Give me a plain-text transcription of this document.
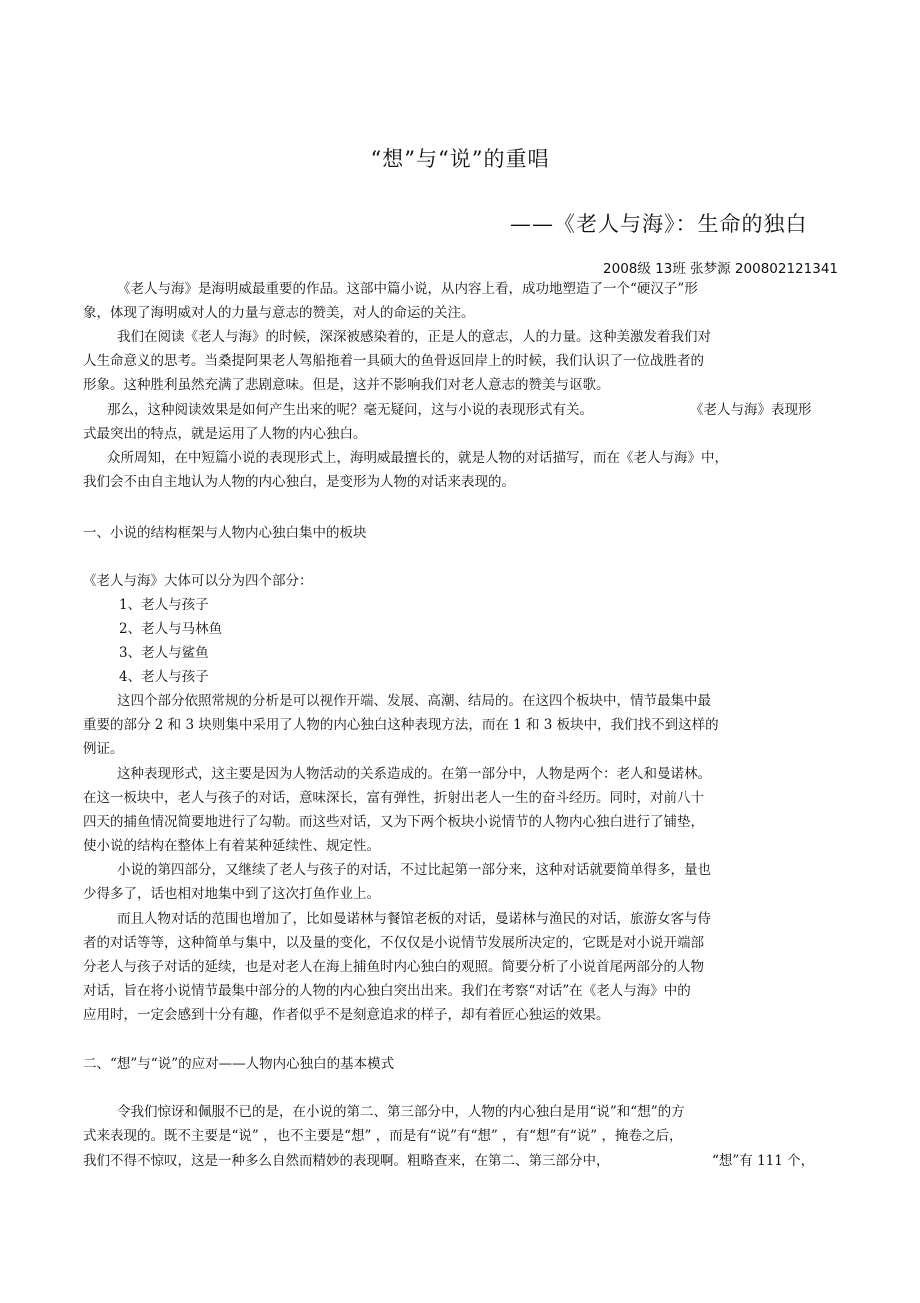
“想”与“说”的重唱
——《老人与海》：生命的独白
2008级 13班 张梦源 200802121341
《老人与海》是海明威最重要的作品。这部中篇小说，从内容上看，成功地塑造了一个“硬汉子”形
象，体现了海明威对人的力量与意志的赞美，对人的命运的关注。
我们在阅读《老人与海》的时候，深深被感染着的，正是人的意志，人的力量。这种美激发着我们对
人生命意义的思考。当桑提阿果老人驾船拖着一具硕大的鱼骨返回岸上的时候，我们认识了一位战胜者的
形象。这种胜利虽然充满了悲剧意味。但是，这并不影响我们对老人意志的赞美与讴歌。
那么，这种阅读效果是如何产生出来的呢？毫无疑问，这与小说的表现形式有关。	《老人与海》表现形
式最突出的特点，就是运用了人物的内心独白。
众所周知，在中短篇小说的表现形式上，海明威最擅长的，就是人物的对话描写，而在《老人与海》中，
我们会不由自主地认为人物的内心独白，是变形为人物的对话来表现的。
一、小说的结构框架与人物内心独白集中的板块
《老人与海》大体可以分为四个部分：
1、老人与孩子
2、老人与马林鱼
3、老人与鲨鱼
4、老人与孩子
这四个部分依照常规的分析是可以视作开端、发展、高潮、结局的。在这四个板块中，情节最集中最
重要的部分 2 和 3 块则集中采用了人物的内心独白这种表现方法，而在 1 和 3 板块中，我们找不到这样的
例证。
这种表现形式，这主要是因为人物活动的关系造成的。在第一部分中，人物是两个：老人和曼诺林。
在这一板块中，老人与孩子的对话，意味深长，富有弹性，折射出老人一生的奋斗经历。同时，对前八十
四天的捕鱼情况简要地进行了勾勒。而这些对话，又为下两个板块小说情节的人物内心独白进行了铺垫，
使小说的结构在整体上有着某种延续性、规定性。
小说的第四部分，又继续了老人与孩子的对话，不过比起第一部分来，这种对话就要简单得多，量也
少得多了，话也相对地集中到了这次打鱼作业上。
而且人物对话的范围也增加了，比如曼诺林与餐馆老板的对话，曼诺林与渔民的对话，旅游女客与侍
者的对话等等，这种简单与集中，以及量的变化，不仅仅是小说情节发展所决定的，它既是对小说开端部
分老人与孩子对话的延续，也是对老人在海上捕鱼时内心独白的观照。简要分析了小说首尾两部分的人物
对话，旨在将小说情节最集中部分的人物的内心独白突出出来。我们在考察“对话”在《老人与海》中的
应用时，一定会感到十分有趣，作者似乎不是刻意追求的样子，却有着匠心独运的效果。
二、“想”与“说”的应对——人物内心独白的基本模式
令我们惊讶和佩服不已的是，在小说的第二、第三部分中，人物的内心独白是用“说”和“想”的方
式来表现的。既不主要是“说” ，也不主要是“想” ，而是有“说”有“想” ，有“想”有“说” ，掩卷之后，
我们不得不惊叹，这是一种多么自然而精妙的表现啊。粗略查来，在第二、第三部分中，	“想”有 111 个，
